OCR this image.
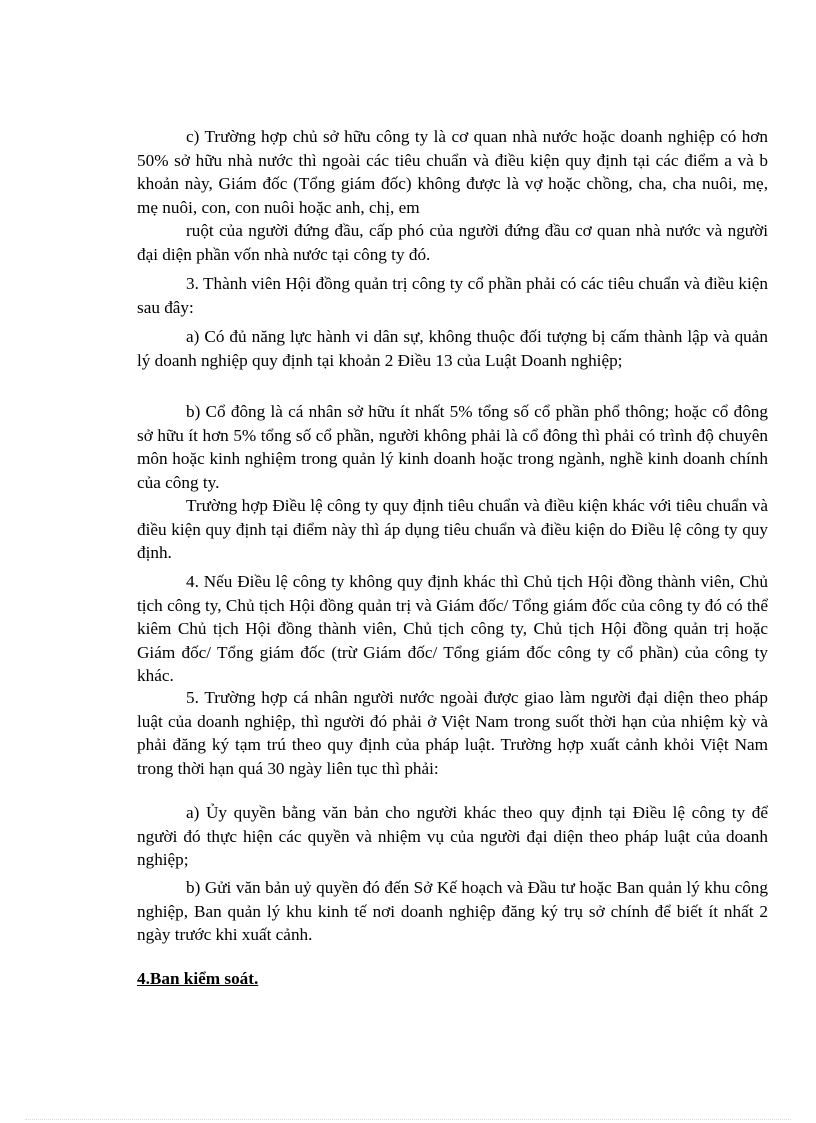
c) Trường hợp chủ sở hữu công ty là cơ quan nhà nước hoặc doanh nghiệp có hơn 50% sở hữu nhà nước thì ngoài các tiêu chuẩn và điều kiện quy định tại các điểm a và b khoản này, Giám đốc (Tổng giám đốc) không được là vợ hoặc chồng, cha, cha nuôi, mẹ, mẹ nuôi, con, con nuôi hoặc anh, chị, em

ruột của người đứng đầu, cấp phó của người đứng đầu cơ quan nhà nước và người đại diện phần vốn nhà nước tại công ty đó.

3. Thành viên Hội đồng quản trị công ty cổ phần phải có các tiêu chuẩn và điều kiện sau đây:

a) Có đủ năng lực hành vi dân sự, không thuộc đối tượng bị cấm thành lập và quản lý doanh nghiệp quy định tại khoản 2 Điều 13 của Luật Doanh nghiệp;

b) Cổ đông là cá nhân sở hữu ít nhất 5% tổng số cổ phần phổ thông; hoặc cổ đông sở hữu ít hơn 5% tổng số cổ phần, người không phải là cổ đông thì phải có trình độ chuyên môn hoặc kinh nghiệm trong quản lý kinh doanh hoặc trong ngành, nghề kinh doanh chính của công ty.

Trường hợp Điều lệ công ty quy định tiêu chuẩn và điều kiện khác với tiêu chuẩn và điều kiện quy định tại điểm này thì áp dụng tiêu chuẩn và điều kiện do Điều lệ công ty quy định.

4. Nếu Điều lệ công ty không quy định khác thì Chủ tịch Hội đồng thành viên, Chủ tịch công ty, Chủ tịch Hội đồng quản trị và Giám đốc/ Tổng giám đốc của công ty đó có thể kiêm Chủ tịch Hội đồng thành viên, Chủ tịch công ty, Chủ tịch Hội đồng quản trị hoặc Giám đốc/ Tổng giám đốc (trừ Giám đốc/ Tổng giám đốc công ty cổ phần) của công ty khác.

5. Trường hợp cá nhân người nước ngoài được giao làm người đại diện theo pháp luật của doanh nghiệp, thì người đó phải ở Việt Nam trong suốt thời hạn của nhiệm kỳ và phải đăng ký tạm trú theo quy định của pháp luật. Trường hợp xuất cảnh khỏi Việt Nam trong thời hạn quá 30 ngày liên tục thì phải:

a) Ủy quyền bằng văn bản cho người khác theo quy định tại Điều lệ công ty để người đó thực hiện các quyền và nhiệm vụ của người đại diện theo pháp luật của doanh nghiệp;

b) Gửi văn bản uỷ quyền đó đến Sở Kế hoạch và Đầu tư hoặc Ban quản lý khu công nghiệp, Ban quản lý khu kinh tế nơi doanh nghiệp đăng ký trụ sở chính để biết ít nhất 2 ngày trước khi xuất cảnh.

4.Ban kiểm soát.
